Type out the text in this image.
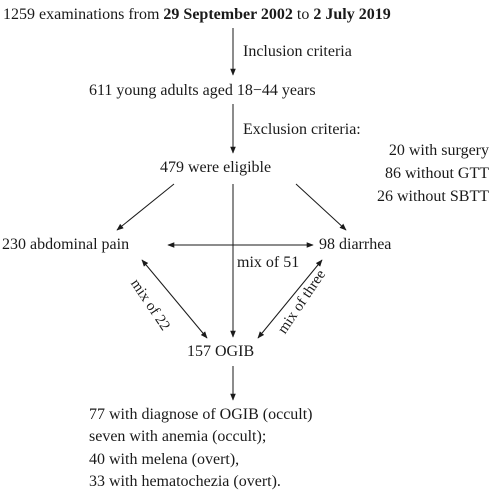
1259 examinations from 29 September 2002 to 2 July 2019
Inclusion criteria
611 young adults aged 18−44 years
Exclusion criteria:
20 with surgery
86 without GTT
26 without SBTT
479 were eligible
230 abdominal pain	98 diarrhea
mix of 51
mix of 22	mix of three
157 OGIB
77 with diagnose of OGIB (occult)
seven with anemia (occult);
40 with melena (overt),
33 with hematochezia (overt).
